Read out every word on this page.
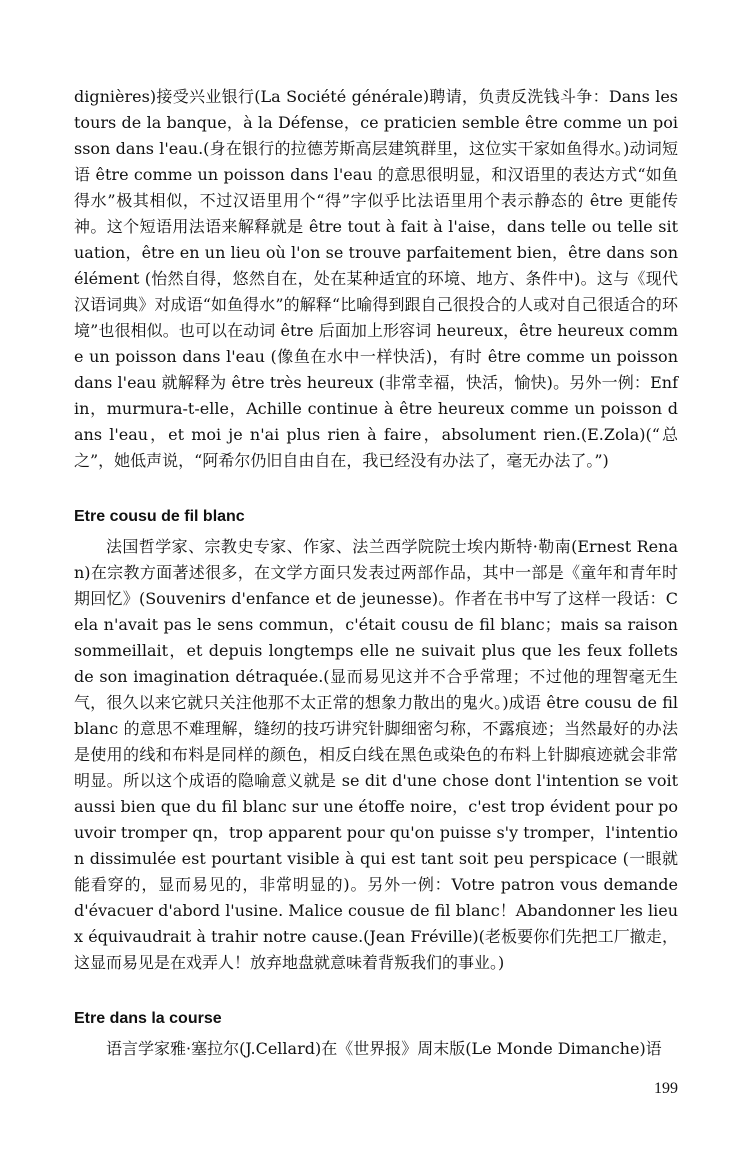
dignières)接受兴业银行(La Société générale)聘请，负责反洗钱斗争：Dans les tours de la banque，à la Défense，ce praticien semble être comme un poisson dans l'eau.(身在银行的拉德芳斯高层建筑群里，这位实干家如鱼得水。)动词短语 être comme un poisson dans l'eau 的意思很明显，和汉语里的表达方式“如鱼得水”极其相似，不过汉语里用个“得”字似乎比法语里用个表示静态的 être 更能传神。这个短语用法语来解释就是 être tout à fait à l'aise，dans telle ou telle situation，être en un lieu où l'on se trouve parfaitement bien，être dans son élément (怡然自得，悠然自在，处在某种适宜的环境、地方、条件中)。这与《现代汉语词典》对成语“如鱼得水”的解释“比喻得到跟自己很投合的人或对自己很适合的环境”也很相似。也可以在动词 être 后面加上形容词 heureux，être heureux comme un poisson dans l'eau (像鱼在水中一样快活)，有时 être comme un poisson dans l'eau 就解释为 être très heureux (非常幸福，快活，愉快)。另外一例：Enfin，murmura-t-elle，Achille continue à être heureux comme un poisson dans l'eau，et moi je n'ai plus rien à faire，absolument rien.(E.Zola)(“总之”，她低声说，“阿希尔仍旧自由自在，我已经没有办法了，毫无办法了。”)

Etre cousu de fil blanc

法国哲学家、宗教史专家、作家、法兰西学院院士埃内斯特·勒南(Ernest Renan)在宗教方面著述很多，在文学方面只发表过两部作品，其中一部是《童年和青年时期回忆》(Souvenirs d'enfance et de jeunesse)。作者在书中写了这样一段话：Cela n'avait pas le sens commun，c'était cousu de fil blanc；mais sa raison sommeillait，et depuis longtemps elle ne suivait plus que les feux follets de son imagination détraquée.(显而易见这并不合乎常理；不过他的理智毫无生气，很久以来它就只关注他那不太正常的想象力散出的鬼火。)成语 être cousu de fil blanc 的意思不难理解，缝纫的技巧讲究针脚细密匀称，不露痕迹；当然最好的办法是使用的线和布料是同样的颜色，相反白线在黑色或染色的布料上针脚痕迹就会非常明显。所以这个成语的隐喻意义就是 se dit d'une chose dont l'intention se voit aussi bien que du fil blanc sur une étoffe noire，c'est trop évident pour pouvoir tromper qn，trop apparent pour qu'on puisse s'y tromper，l'intention dissimulée est pourtant visible à qui est tant soit peu perspicace (一眼就能看穿的，显而易见的，非常明显的)。另外一例：Votre patron vous demande d'évacuer d'abord l'usine. Malice cousue de fil blanc！Abandonner les lieux équivaudrait à trahir notre cause.(Jean Fréville)(老板要你们先把工厂撤走，这显而易见是在戏弄人！放弃地盘就意味着背叛我们的事业。)

Etre dans la course

语言学家雅·塞拉尔(J.Cellard)在《世界报》周末版(Le Monde Dimanche)语

199
